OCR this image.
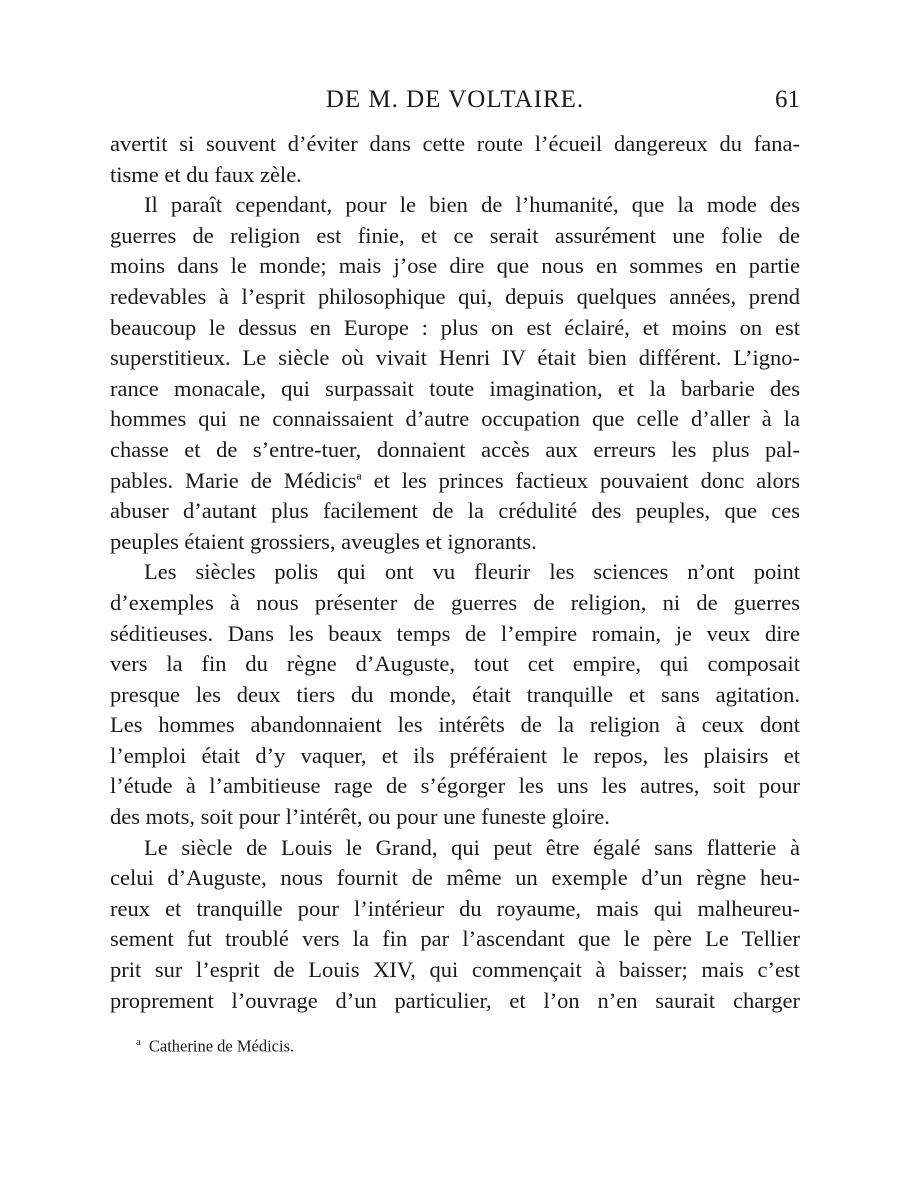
DE M. DE VOLTAIRE.	61
avertit si souvent d’éviter dans cette route l’écueil dangereux du fana-
tisme et du faux zèle.
Il paraît cependant, pour le bien de l’humanité, que la mode des
guerres de religion est finie, et ce serait assurément une folie de
moins dans le monde; mais j’ose dire que nous en sommes en partie
redevables à l’esprit philosophique qui, depuis quelques années, prend
beaucoup le dessus en Europe : plus on est éclairé, et moins on est
superstitieux. Le siècle où vivait Henri IV était bien différent. L’igno-
rance monacale, qui surpassait toute imagination, et la barbarie des
hommes qui ne connaissaient d’autre occupation que celle d’aller à la
chasse et de s’entre-tuer, donnaient accès aux erreurs les plus pal-
pables. Marie de Médicis$^a$ et les princes factieux pouvaient donc alors
abuser d’autant plus facilement de la crédulité des peuples, que ces
peuples étaient grossiers, aveugles et ignorants.
Les siècles polis qui ont vu fleurir les sciences n’ont point
d’exemples à nous présenter de guerres de religion, ni de guerres
séditieuses. Dans les beaux temps de l’empire romain, je veux dire
vers la fin du règne d’Auguste, tout cet empire, qui composait
presque les deux tiers du monde, était tranquille et sans agitation.
Les hommes abandonnaient les intérêts de la religion à ceux dont
l’emploi était d’y vaquer, et ils préféraient le repos, les plaisirs et
l’étude à l’ambitieuse rage de s’égorger les uns les autres, soit pour
des mots, soit pour l’intérêt, ou pour une funeste gloire.
Le siècle de Louis le Grand, qui peut être égalé sans flatterie à
celui d’Auguste, nous fournit de même un exemple d’un règne heu-
reux et tranquille pour l’intérieur du royaume, mais qui malheureu-
sement fut troublé vers la fin par l’ascendant que le père Le Tellier
prit sur l’esprit de Louis XIV, qui commençait à baisser; mais c’est
proprement l’ouvrage d’un particulier, et l’on n’en saurait charger
$^a$ Catherine de Médicis.
